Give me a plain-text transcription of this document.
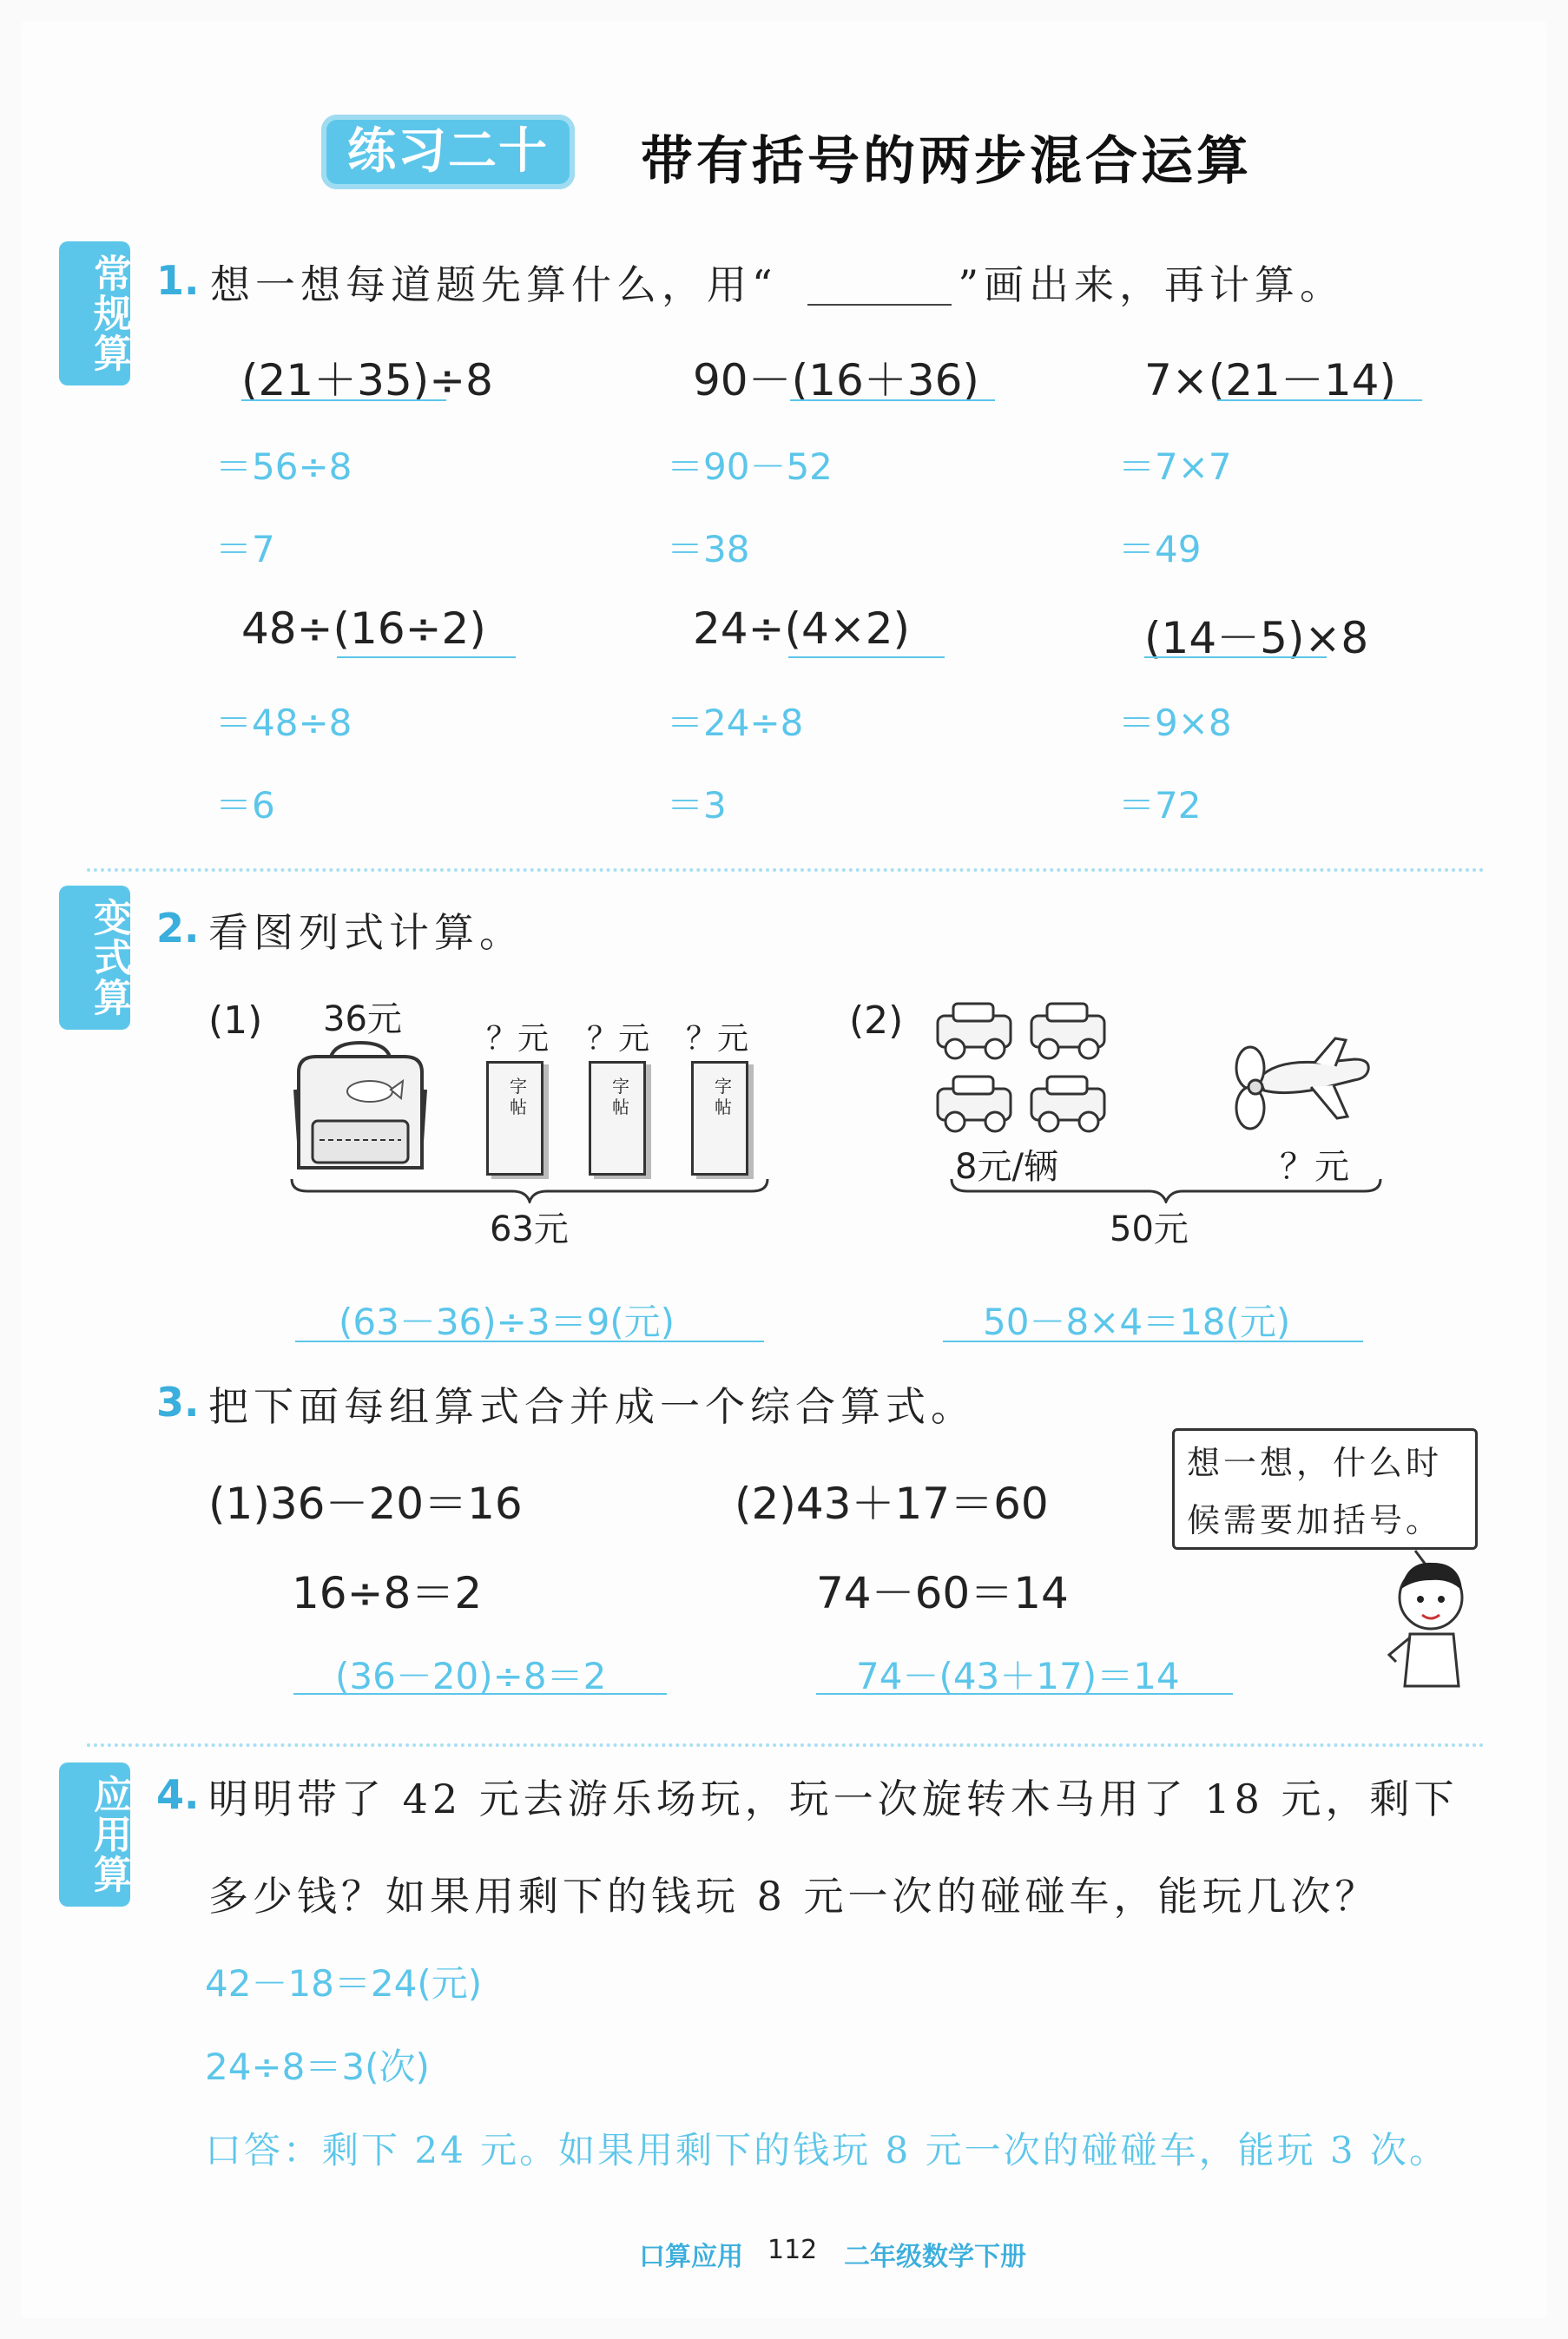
练习二十	带有括号的两步混合运算
常规算
变式算
应用算
1. 想一想每道题先算什么，用“　　　　”画出来，再计算。
(21＋35)÷8
＝56÷8
＝7
90－(16＋36)
＝90－52
＝38
7×(21－14)
＝7×7
＝49
48÷(16÷2)
＝48÷8
＝6
24÷(4×2)
＝24÷8
＝3
(14－5)×8
＝9×8
＝72
2. 看图列式计算。
(1) 36元	？元 ？元 ？元
字帖
字帖
字帖
63元
(63－36)÷3＝9(元)
(2)
8元/辆	？元
50元
50－8×4＝18(元)
3. 把下面每组算式合并成一个综合算式。
(1)36－20＝16
16÷8＝2
(36－20)÷8＝2
(2)43＋17＝60
74－60＝14
74－(43＋17)＝14
想一想，什么时
候需要加括号。
4. 明明带了 42 元去游乐场玩，玩一次旋转木马用了 18 元，剩下
多少钱？如果用剩下的钱玩 8 元一次的碰碰车，能玩几次？
42－18＝24(元)
24÷8＝3(次)
口答：剩下 24 元。如果用剩下的钱玩 8 元一次的碰碰车，能玩 3 次。
口算应用 112 二年级数学下册
